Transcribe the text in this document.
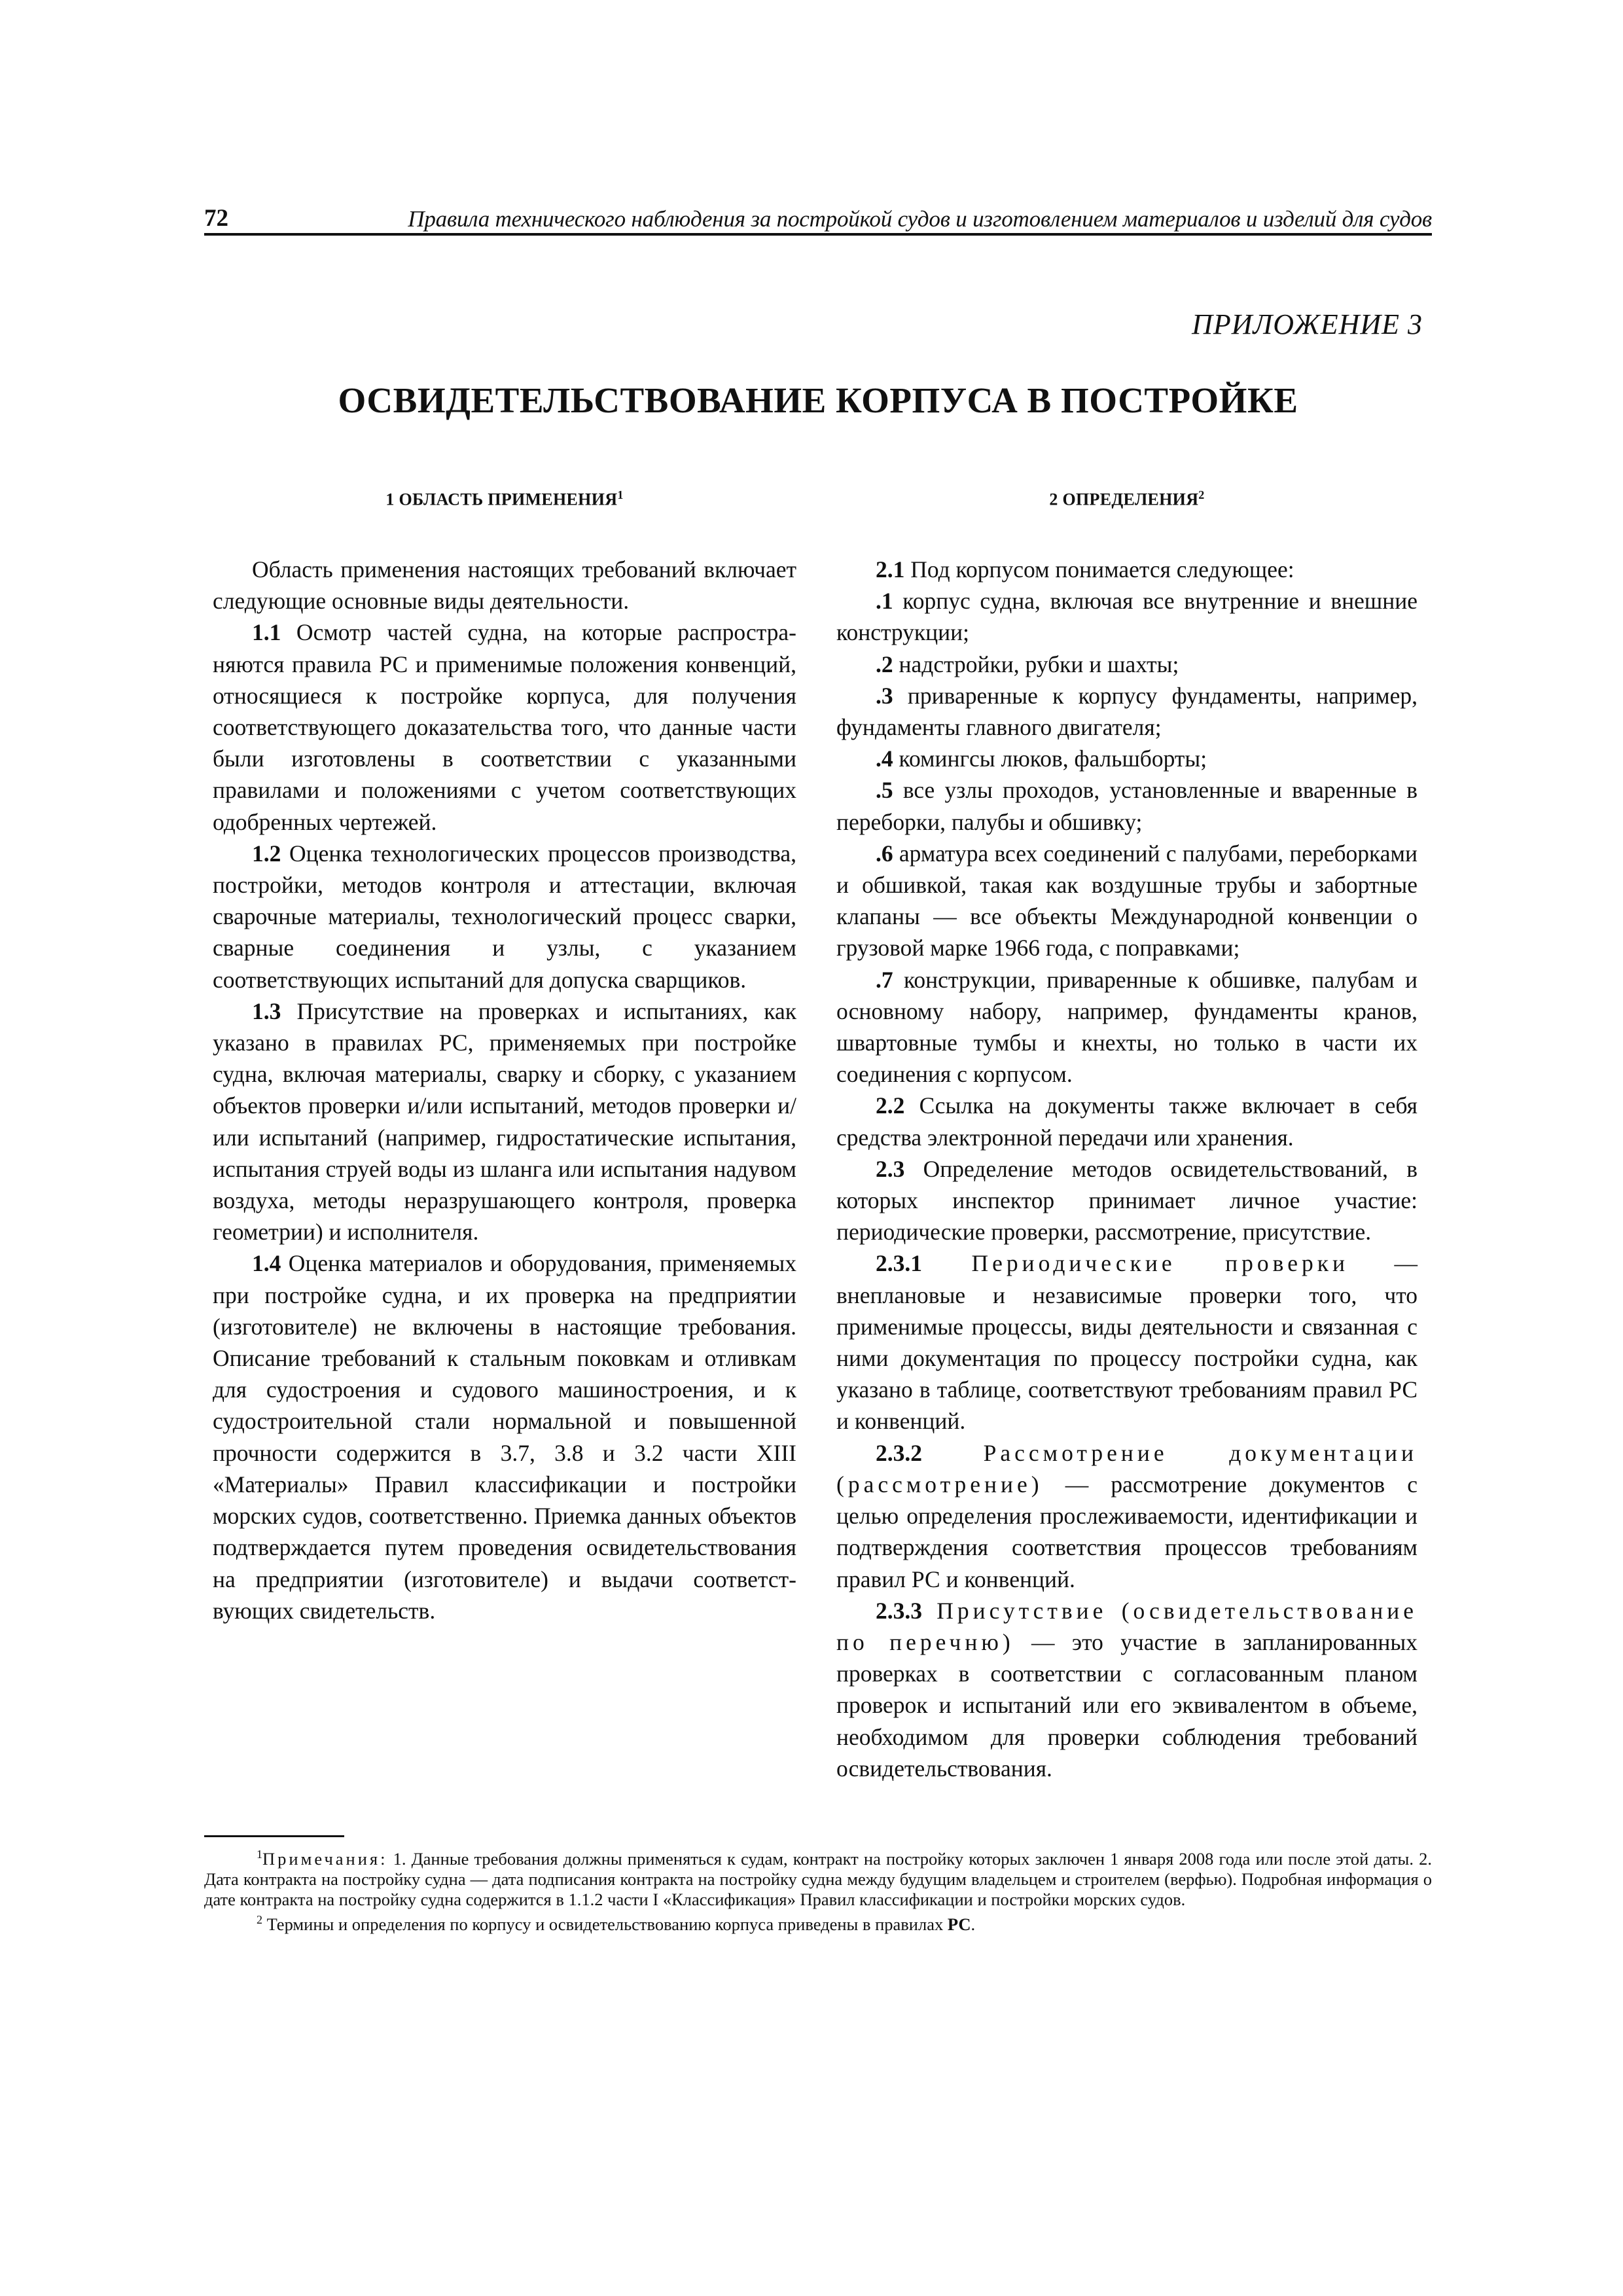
72	Правила технического наблюдения за постройкой судов и изготовлением материалов и изделий для судов
ПРИЛОЖЕНИЕ 3
ОСВИДЕТЕЛЬСТВОВАНИЕ КОРПУСА В ПОСТРОЙКЕ
1 ОБЛАСТЬ ПРИМЕНЕНИЯ$^1$

Область применения настоящих требований включает следующие основные виды деятельности.

1.1 Осмотр частей судна, на которые распространяются правила РС и применимые положения конвенций, относящиеся к постройке корпуса, для получения соответствующего доказательства того, что данные части были изготовлены в соответствии с указанными правилами и положениями с учетом соответствующих одобренных чертежей.

1.2 Оценка технологических процессов производства, постройки, методов контроля и аттестации, включая сварочные материалы, технологический процесс сварки, сварные соединения и узлы, с указанием соответствующих испытаний для допуска сварщиков.

1.3 Присутствие на проверках и испытаниях, как указано в правилах РС, применяемых при постройке судна, включая материалы, сварку и сборку, с указанием объектов проверки и/или испытаний, методов проверки и/или испытаний (например, гидростатические испытания, испытания струей воды из шланга или испытания надувом воздуха, методы неразрушающего контроля, проверка геометрии) и исполнителя.

1.4 Оценка материалов и оборудования, применяемых при постройке судна, и их проверка на предприятии (изготовителе) не включены в настоящие требования. Описание требований к стальным поковкам и отливкам для судостроения и судового машиностроения, и к судостроительной стали нормальной и повышенной прочности содержится в 3.7, 3.8 и 3.2 части XIII «Материалы» Правил классификации и постройки морских судов, соответственно. Приемка данных объектов подтверждается путем проведения освидетельствования на предприятии (изготовителе) и выдачи соответствующих свидетельств.

2 ОПРЕДЕЛЕНИЯ$^2$

2.1 Под корпусом понимается следующее:

.1 корпус судна, включая все внутренние и внешние конструкции;

.2 надстройки, рубки и шахты;

.3 приваренные к корпусу фундаменты, например, фундаменты главного двигателя;

.4 комингсы люков, фальшборты;

.5 все узлы проходов, установленные и вваренные в переборки, палубы и обшивку;

.6 арматура всех соединений с палубами, переборками и обшивкой, такая как воздушные трубы и забортные клапаны — все объекты Международной конвенции о грузовой марке 1966 года, с поправками;

.7 конструкции, приваренные к обшивке, палубам и основному набору, например, фундаменты кранов, швартовные тумбы и кнехты, но только в части их соединения с корпусом.

2.2 Ссылка на документы также включает в себя средства электронной передачи или хранения.

2.3 Определение методов освидетельствований, в которых инспектор принимает личное участие: периодические проверки, рассмотрение, присутствие.

2.3.1 Периодические проверки — внеплановые и независимые проверки того, что применимые процессы, виды деятельности и связанная с ними документация по процессу постройки судна, как указано в таблице, соответствуют требованиям правил РС и конвенций.

2.3.2 Рассмотрение документации (рассмотрение) — рассмотрение документов с целью определения прослеживаемости, идентификации и подтверждения соответствия процессов требованиям правил РС и конвенций.

2.3.3 Присутствие (освидетельствование по перечню) — это участие в запланированных проверках в соответствии с согласованным планом проверок и испытаний или его эквивалентом в объеме, необходимом для проверки соблюдения требований освидетельствования.

$^1$Примечания: 1. Данные требования должны применяться к судам, контракт на постройку которых заключен 1 января 2008 года или после этой даты. 2. Дата контракта на постройку судна — дата подписания контракта на постройку судна между будущим владельцем и строителем (верфью). Подробная информация о дате контракта на постройку судна содержится в 1.1.2 части I «Классификация» Правил классификации и постройки морских судов.

$^2$ Термины и определения по корпусу и освидетельствованию корпуса приведены в правилах РС.
